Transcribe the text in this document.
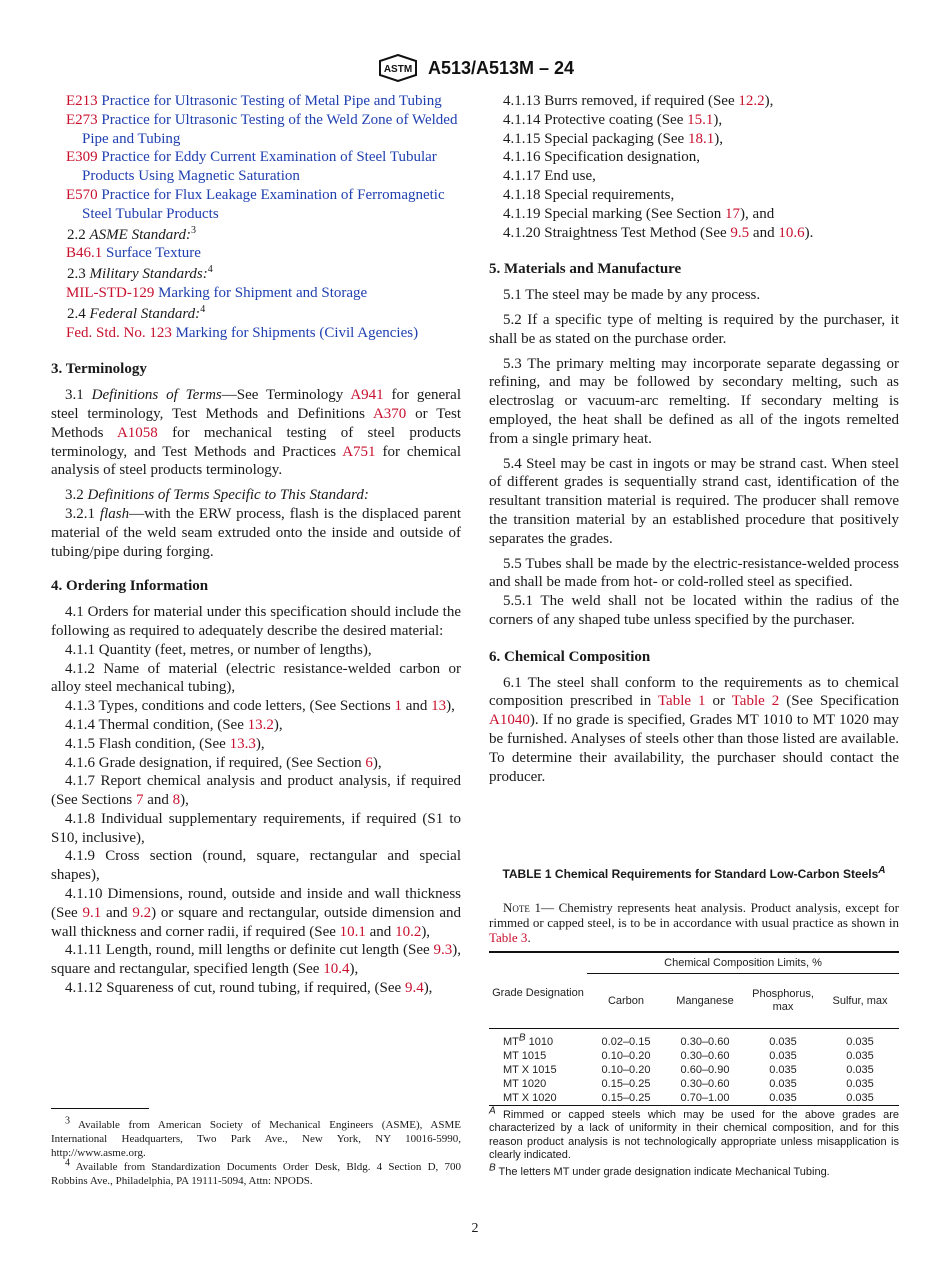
ASTM A513/A513M – 24

E213 Practice for Ultrasonic Testing of Metal Pipe and Tubing

E273 Practice for Ultrasonic Testing of the Weld Zone of Welded Pipe and Tubing

E309 Practice for Eddy Current Examination of Steel Tubular Products Using Magnetic Saturation

E570 Practice for Flux Leakage Examination of Ferromagnetic Steel Tubular Products

2.2 ASME Standard:$^3$

B46.1 Surface Texture

2.3 Military Standards:$^4$

MIL-STD-129 Marking for Shipment and Storage

2.4 Federal Standard:$^4$

Fed. Std. No. 123 Marking for Shipments (Civil Agencies)

3. Terminology

3.1 Definitions of Terms—See Terminology A941 for general steel terminology, Test Methods and Definitions A370 or Test Methods A1058 for mechanical testing of steel products terminology, and Test Methods and Practices A751 for chemical analysis of steel products terminology.

3.2 Definitions of Terms Specific to This Standard:

3.2.1 flash—with the ERW process, flash is the displaced parent material of the weld seam extruded onto the inside and outside of tubing/pipe during forging.

4. Ordering Information

4.1 Orders for material under this specification should include the following as required to adequately describe the desired material:

4.1.1 Quantity (feet, metres, or number of lengths),

4.1.2 Name of material (electric resistance-welded carbon or alloy steel mechanical tubing),

4.1.3 Types, conditions and code letters, (See Sections 1 and 13),

4.1.4 Thermal condition, (See 13.2),

4.1.5 Flash condition, (See 13.3),

4.1.6 Grade designation, if required, (See Section 6),

4.1.7 Report chemical analysis and product analysis, if required (See Sections 7 and 8),

4.1.8 Individual supplementary requirements, if required (S1 to S10, inclusive),

4.1.9 Cross section (round, square, rectangular and special shapes),

4.1.10 Dimensions, round, outside and inside and wall thickness (See 9.1 and 9.2) or square and rectangular, outside dimension and wall thickness and corner radii, if required (See 10.1 and 10.2),

4.1.11 Length, round, mill lengths or definite cut length (See 9.3), square and rectangular, specified length (See 10.4),

4.1.12 Squareness of cut, round tubing, if required, (See 9.4),

4.1.13 Burrs removed, if required (See 12.2),

4.1.14 Protective coating (See 15.1),

4.1.15 Special packaging (See 18.1),

4.1.16 Specification designation,

4.1.17 End use,

4.1.18 Special requirements,

4.1.19 Special marking (See Section 17), and

4.1.20 Straightness Test Method (See 9.5 and 10.6).

5. Materials and Manufacture

5.1 The steel may be made by any process.

5.2 If a specific type of melting is required by the purchaser, it shall be as stated on the purchase order.

5.3 The primary melting may incorporate separate degassing or refining, and may be followed by secondary melting, such as electroslag or vacuum-arc remelting. If secondary melting is employed, the heat shall be defined as all of the ingots remelted from a single primary heat.

5.4 Steel may be cast in ingots or may be strand cast. When steel of different grades is sequentially strand cast, identification of the resultant transition material is required. The producer shall remove the transition material by an established procedure that positively separates the grades.

5.5 Tubes shall be made by the electric-resistance-welded process and shall be made from hot- or cold-rolled steel as specified.

5.5.1 The weld shall not be located within the radius of the corners of any shaped tube unless specified by the purchaser.

6. Chemical Composition

6.1 The steel shall conform to the requirements as to chemical composition prescribed in Table 1 or Table 2 (See Specification A1040). If no grade is specified, Grades MT 1010 to MT 1020 may be furnished. Analyses of steels other than those listed are available. To determine their availability, the purchaser should contact the producer.

TABLE 1 Chemical Requirements for Standard Low-Carbon Steels$^A$

Note 1— Chemistry represents heat analysis. Product analysis, except for rimmed or capped steel, is to be in accordance with usual practice as shown in Table 3.

Grade Designation	Chemical Composition Limits, %			
	Carbon	Manganese	Phosphorus, max	Sulfur, max

$MT^B$ 1010	0.02–0.15	0.30–0.60	0.035	0.035
MT 1015	0.10–0.20	0.30–0.60	0.035	0.035
MT X 1015	0.10–0.20	0.60–0.90	0.035	0.035
MT 1020	0.15–0.25	0.30–0.60	0.035	0.035
MT X 1020	0.15–0.25	0.70–1.00	0.035	0.035

$^A$ Rimmed or capped steels which may be used for the above grades are characterized by a lack of uniformity in their chemical composition, and for this reason product analysis is not technologically appropriate unless misapplication is clearly indicated.

$^B$ The letters MT under grade designation indicate Mechanical Tubing.

$^3$ Available from American Society of Mechanical Engineers (ASME), ASME International Headquarters, Two Park Ave., New York, NY 10016-5990, http://www.asme.org.

$^4$ Available from Standardization Documents Order Desk, Bldg. 4 Section D, 700 Robbins Ave., Philadelphia, PA 19111-5094, Attn: NPODS.

2
